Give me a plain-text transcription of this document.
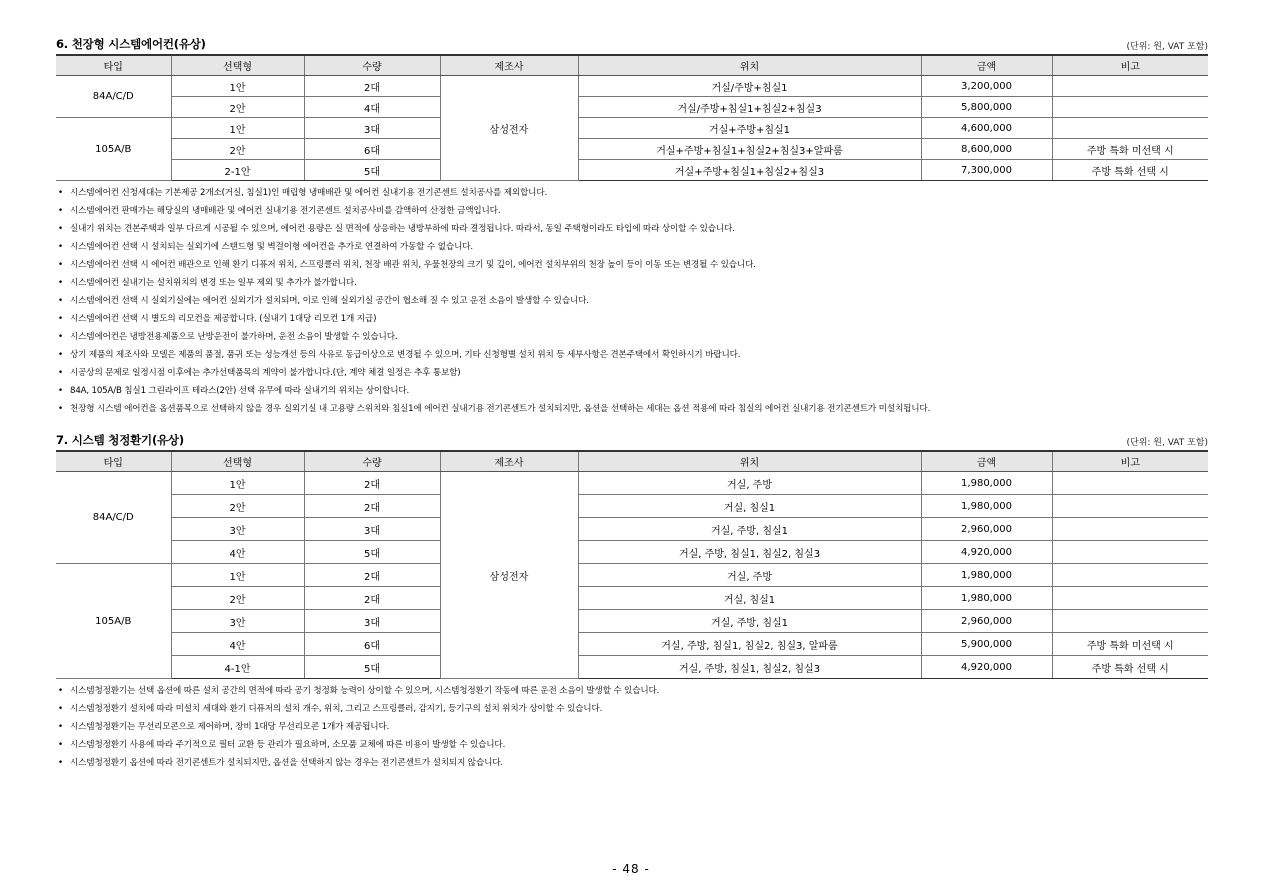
6. 천장형 시스템에어컨(유상)	(단위: 원, VAT 포함)
타입	선택형	수량	제조사	위치	금액	비고
84A/C/D	1안	2대	삼성전자	거실/주방+침실1	3,200,000	
	2안	4대		거실/주방+침실1+침실2+침실3	5,800,000	
105A/B	1안	3대		거실+주방+침실1	4,600,000	
	2안	6대		거실+주방+침실1+침실2+침실3+알파룸	8,600,000	주방 특화 미선택 시
	2-1안	5대		거실+주방+침실1+침실2+침실3	7,300,000	주방 특화 선택 시
• 시스템에어컨 신청세대는 기본제공 2개소(거실, 침실1)인 매립형 냉매배관 및 에어컨 실내기용 전기콘센트 설치공사를 제외합니다.
• 시스템에어컨 판매가는 해당실의 냉매배관 및 에어컨 실내기용 전기콘센트 설치공사비를 감액하여 산정한 금액입니다.
• 실내기 위치는 견본주택과 일부 다르게 시공될 수 있으며, 에어컨 용량은 실 면적에 상응하는 냉방부하에 따라 결정됩니다. 따라서, 동일 주택형이라도 타입에 따라 상이할 수 있습니다.
• 시스템에어컨 선택 시 설치되는 실외기에 스탠드형 및 벽걸이형 에어컨을 추가로 연결하여 가동할 수 없습니다.
• 시스템에어컨 선택 시 에어컨 배관으로 인해 환기 디퓨저 위치, 스프링클러 위치, 천장 배관 위치, 우물천장의 크기 및 깊이, 에어컨 설치부위의 천장 높이 등이 이동 또는 변경될 수 있습니다.
• 시스템에어컨 실내기는 설치위치의 변경 또는 일부 제외 및 추가가 불가합니다.
• 시스템에어컨 선택 시 실외기실에는 에어컨 실외기가 설치되며, 이로 인해 실외기실 공간이 협소해 질 수 있고 운전 소음이 발생할 수 있습니다.
• 시스템에어컨 선택 시 별도의 리모컨을 제공합니다. (실내기 1대당 리모컨 1개 지급)
• 시스템에어컨은 냉방전용제품으로 난방운전이 불가하며, 운전 소음이 발생할 수 있습니다.
• 상기 제품의 제조사와 모델은 제품의 품절, 품귀 또는 성능개선 등의 사유로 동급이상으로 변경될 수 있으며, 기타 신청형별 설치 위치 등 세부사항은 견본주택에서 확인하시기 바랍니다.
• 시공상의 문제로 일정시점 이후에는 추가선택품목의 계약이 불가합니다.(단, 계약 체결 일정은 추후 통보함)
• 84A, 105A/B 침실1 그린라이프 테라스(2안) 선택 유무에 따라 실내기의 위치는 상이합니다.
• 천장형 시스템 에어컨을 옵션품목으로 선택하지 않을 경우 실외기실 내 고용량 스위치와 침실1에 에어컨 실내기용 전기콘센트가 설치되지만, 옵션을 선택하는 세대는 옵션 적용에 따라 침실의 에어컨 실내기용 전기콘센트가 미설치됩니다.
7. 시스템 청정환기(유상)	(단위: 원, VAT 포함)
타입	선택형	수량	제조사	위치	금액	비고
84A/C/D	1안	2대	삼성전자	거실, 주방	1,980,000	
	2안	2대		거실, 침실1	1,980,000	
	3안	3대		거실, 주방, 침실1	2,960,000	
	4안	5대		거실, 주방, 침실1, 침실2, 침실3	4,920,000	
105A/B	1안	2대		거실, 주방	1,980,000	
	2안	2대		거실, 침실1	1,980,000	
	3안	3대		거실, 주방, 침실1	2,960,000	
	4안	6대		거실, 주방, 침실1, 침실2, 침실3, 알파룸	5,900,000	주방 특화 미선택 시
	4-1안	5대		거실, 주방, 침실1, 침실2, 침실3	4,920,000	주방 특화 선택 시
• 시스템청정환기는 선택 옵션에 따른 설치 공간의 면적에 따라 공기 청정화 능력이 상이할 수 있으며, 시스템청정환기 작동에 따른 운전 소음이 발생할 수 있습니다.
• 시스템청정환기 설치에 따라 미설치 세대와 환기 디퓨저의 설치 개수, 위치, 그리고 스프링클러, 감지기, 등기구의 설치 위치가 상이할 수 있습니다.
• 시스템청정환기는 무선리모콘으로 제어하며, 장비 1대당 무선리모콘 1개가 제공됩니다.
• 시스템청정환기 사용에 따라 주기적으로 필터 교환 등 관리가 필요하며, 소모품 교체에 따른 비용이 발생할 수 있습니다.
• 시스템청정환기 옵션에 따라 전기콘센트가 설치되지만, 옵션을 선택하지 않는 경우는 전기콘센트가 설치되지 않습니다.
- 48 -
